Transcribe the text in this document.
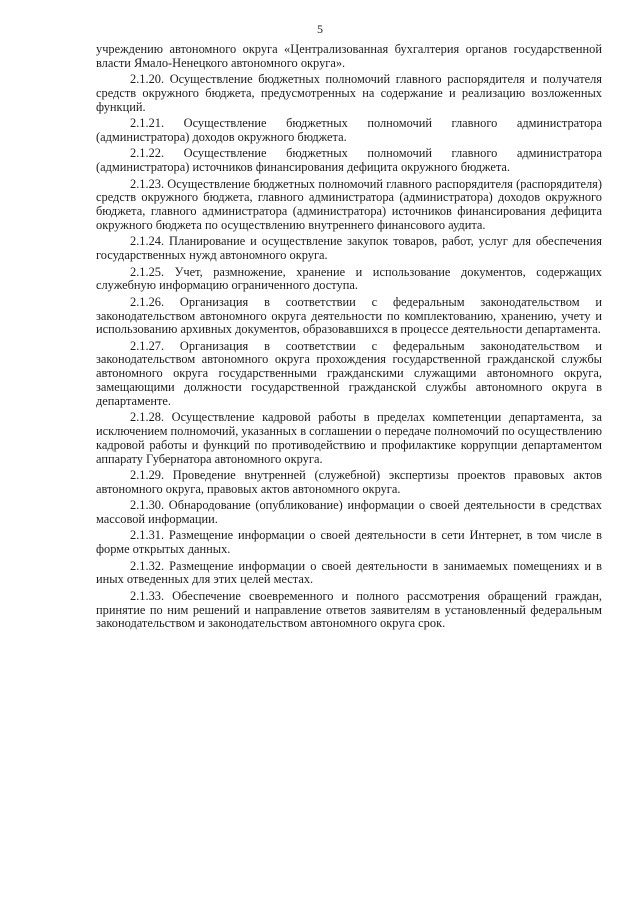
5

учреждению автономного округа «Централизованная бухгалтерия органов государственной власти Ямало-Ненецкого автономного округа».

2.1.20. Осуществление бюджетных полномочий главного распорядителя и получателя средств окружного бюджета, предусмотренных на содержание и реализацию возложенных функций.

2.1.21. Осуществление бюджетных полномочий главного администратора (администратора) доходов окружного бюджета.

2.1.22. Осуществление бюджетных полномочий главного администратора (администратора) источников финансирования дефицита окружного бюджета.

2.1.23. Осуществление бюджетных полномочий главного распорядителя (распорядителя) средств окружного бюджета, главного администратора (администратора) доходов окружного бюджета, главного администратора (администратора) источников финансирования дефицита окружного бюджета по осуществлению внутреннего финансового аудита.

2.1.24. Планирование и осуществление закупок товаров, работ, услуг для обеспечения государственных нужд автономного округа.

2.1.25. Учет, размножение, хранение и использование документов, содержащих служебную информацию ограниченного доступа.

2.1.26. Организация в соответствии с федеральным законодательством и законодательством автономного округа деятельности по комплектованию, хранению, учету и использованию архивных документов, образовавшихся в процессе деятельности департамента.

2.1.27. Организация в соответствии с федеральным законодательством и законодательством автономного округа прохождения государственной гражданской службы автономного округа государственными гражданскими служащими автономного округа, замещающими должности государственной гражданской службы автономного округа в департаменте.

2.1.28. Осуществление кадровой работы в пределах компетенции департамента, за исключением полномочий, указанных в соглашении о передаче полномочий по осуществлению кадровой работы и функций по противодействию и профилактике коррупции департаментом аппарату Губернатора автономного округа.

2.1.29. Проведение внутренней (служебной) экспертизы проектов правовых актов автономного округа, правовых актов автономного округа.

2.1.30. Обнародование (опубликование) информации о своей деятельности в средствах массовой информации.

2.1.31. Размещение информации о своей деятельности в сети Интернет, в том числе в форме открытых данных.

2.1.32. Размещение информации о своей деятельности в занимаемых помещениях и в иных отведенных для этих целей местах.

2.1.33. Обеспечение своевременного и полного рассмотрения обращений граждан, принятие по ним решений и направление ответов заявителям в установленный федеральным законодательством и законодательством автономного округа срок.
